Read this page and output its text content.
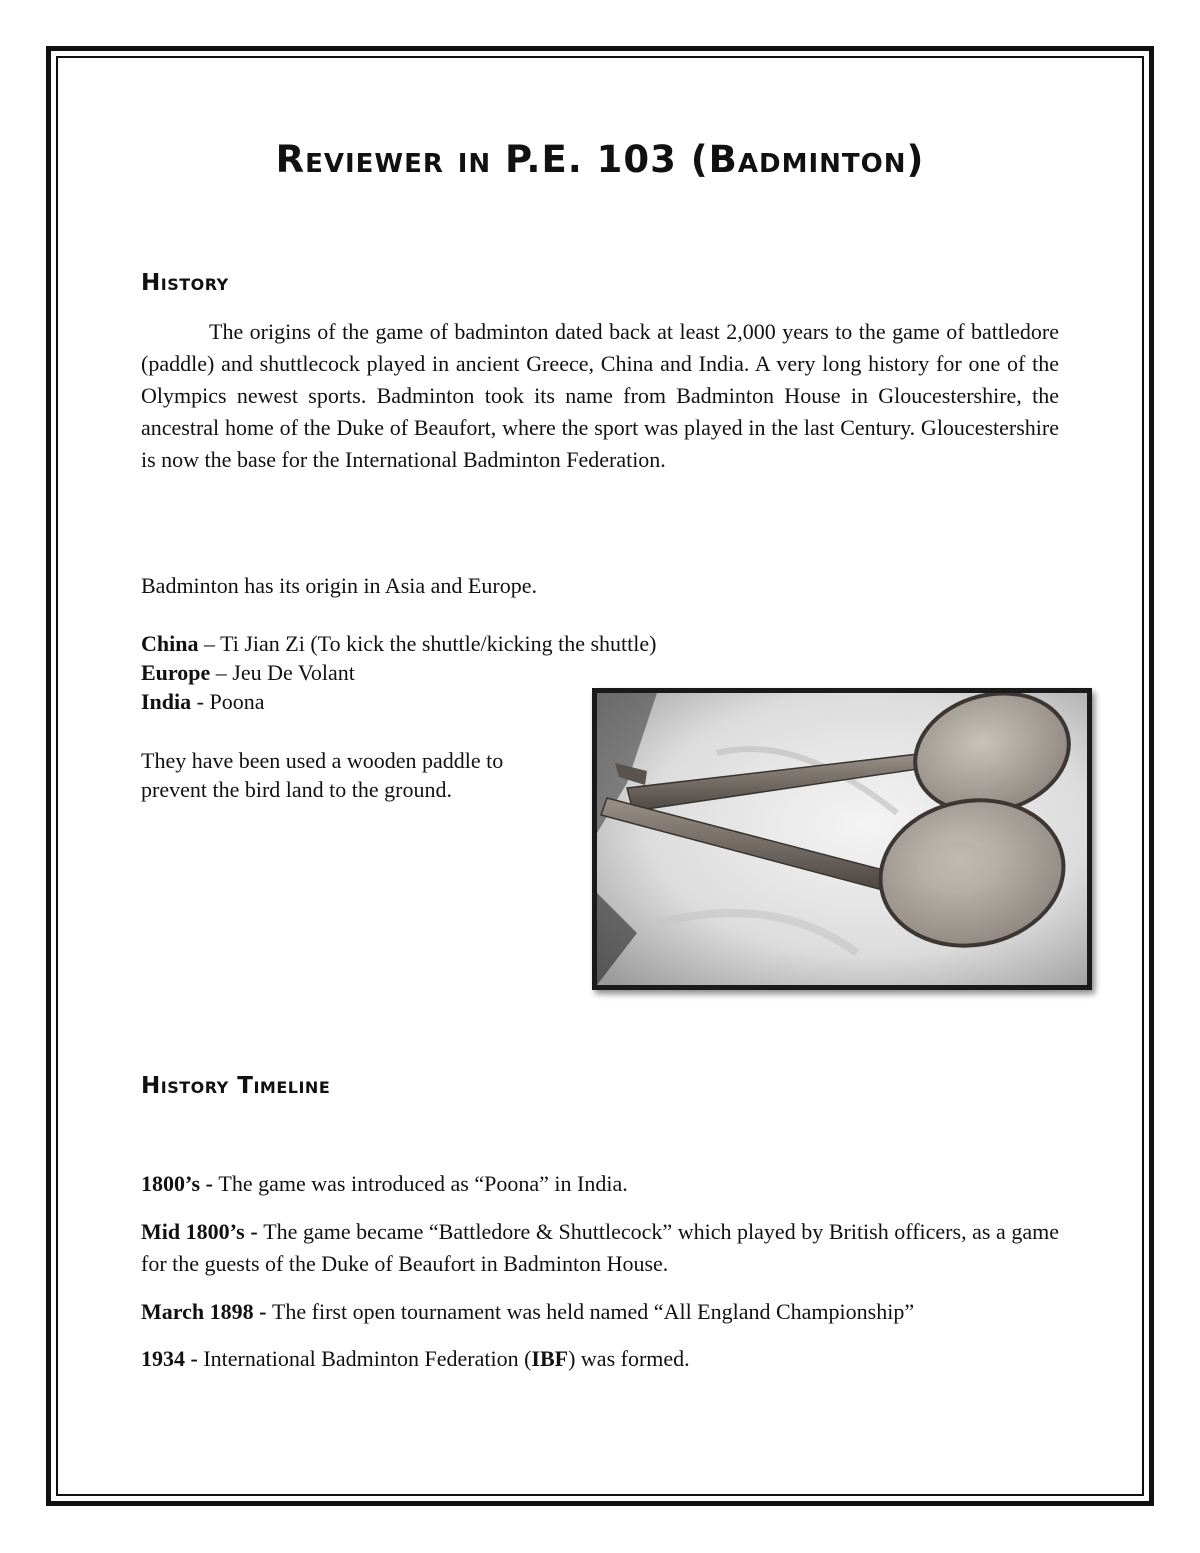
Reviewer in P.E. 103 (Badminton)
History

The origins of the game of badminton dated back at least 2,000 years to the game of battledore (paddle) and shuttlecock played in ancient Greece, China and India. A very long history for one of the Olympics newest sports. Badminton took its name from Badminton House in Gloucestershire, the ancestral home of the Duke of Beaufort, where the sport was played in the last Century. Gloucestershire is now the base for the International Badminton Federation.

Badminton has its origin in Asia and Europe.

China – Ti Jian Zi (To kick the shuttle/kicking the shuttle)

Europe – Jeu De Volant

India - Poona

They have been used a wooden paddle to

prevent the bird land to the ground.

History Timeline

1800’s - The game was introduced as “Poona” in India.

Mid 1800’s - The game became “Battledore & Shuttlecock” which played by British officers, as a game for the guests of the Duke of Beaufort in Badminton House.

March 1898 - The first open tournament was held named “All England Championship”

1934 - International Badminton Federation (IBF) was formed.
